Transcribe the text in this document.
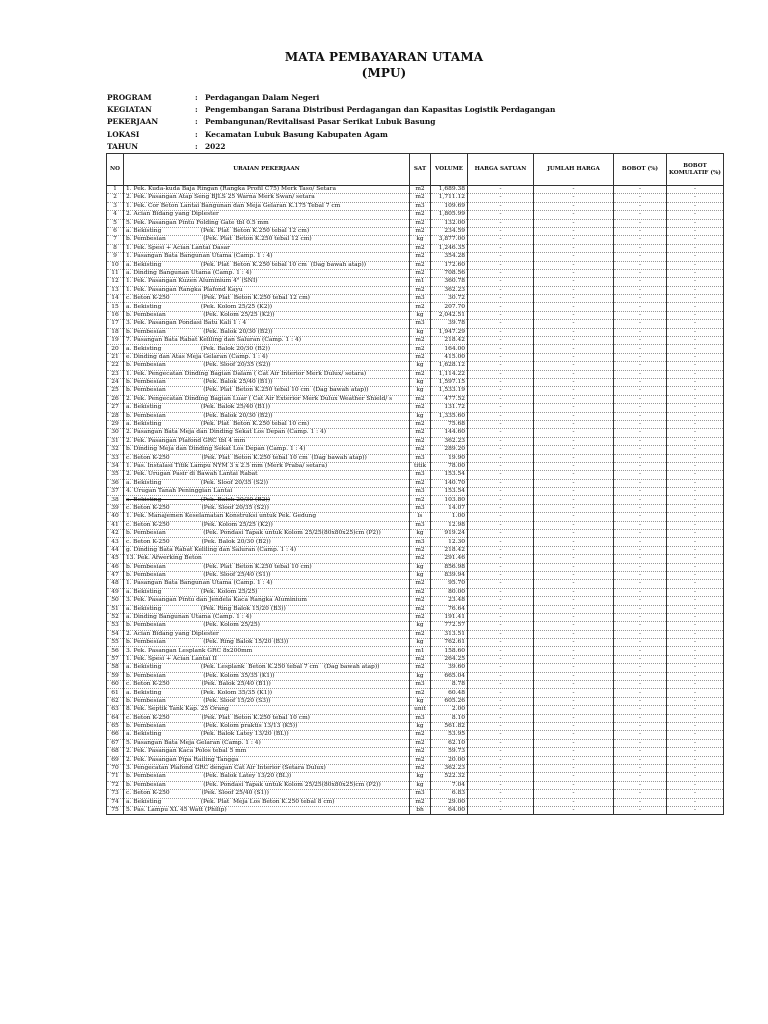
MATA PEMBAYARAN UTAMA
(MPU)
PROGRAM	: Perdagangan Dalam Negeri
KEGIATAN	: Pengembangan Sarana Distribusi Perdagangan dan Kapasitas Logistik Perdagangan
PEKERJAAN	: Pembangunan/Revitalisasi Pasar Serikat Lubuk Basung
LOKASI	: Kecamatan Lubuk Basung Kabupaten Agam
TAHUN	: 2022
NO	URAIAN PEKERJAAN	SAT	VOLUME	HARGA SATUAN	JUMLAH HARGA	BOBOT (%)	BOBOT KOMULATIF (%)
1	1. Pek. Kuda-kuda Baja Ringan (Rangka Profil C75) Merk Taso/ Setara	m2	1,689.38	-	-	-	-
2	2. Pek. Pasangan Atap Seng BJLS 25 Warna Merk Swan/ setara	m2	1,711.12	-	-	-	-
3	1. Pek. Cor Beton Lantai Bangunan dan Meja Gelaran K.175 Tebal 7 cm	m3	109.69	-	-	-	-
4	2. Acian Bidang yang Diplester	m2	1,805.99	-	-	-	-
5	5. Pek. Pasangan Pintu Folding Gate tbl 0.5 mm	m2	132.00	-	-	-	-
6	a. Bekisting                     (Pek. Plat  Beton K.250 tebal 12 cm)	m2	234.59	-	-	-	-
7	b. Pembesian                    (Pek. Plat  Beton K.250 tebal 12 cm)	kg	3,877.00	-	-	-	-
8	1. Pek. Spesi + Acian Lantai Dasar	m2	1,246.35	-	-	-	-
9	1. Pasangan Bata Bangunan Utama (Camp. 1 : 4)	m2	354.28	-	-	-	-
10	a. Bekisting                     (Pek. Plat  Beton K.250 tebal 10 cm  (Dag bawah atap))	m2	172.60	-	-	-	-
11	a. Dinding Bangunan Utama (Camp. 1 : 4)	m2	708.56	-	-	-	-
12	1. Pek. Pasangan Kuzen Aluminium 4" (SNI)	m1	360.78	-	-	-	-
13	1. Pek. Pasangan Rangka Plafond Kayu	m2	362.23	-	-	-	-
14	c. Beton K-250                 (Pek. Plat  Beton K.250 tebal 12 cm)	m3	30.72	-	-	-	-
15	a. Bekisting                     (Pek. Kolom 25/25 (K2))	m2	207.70	-	-	-	-
16	b. Pembesian                    (Pek. Kolom 25/25 (K2))	kg	2,042.51	-	-	-	-
17	3. Pek. Pasangan Pondasi Batu Kali 1 : 4	m3	39.78	-	-	-	-
18	b. Pembesian                    (Pek. Balok 20/30 (B2))	kg	1,947.29	-	-	-	-
19	7. Pasangan Bata Rabat Keliling dan Saluran (Camp. 1 : 4)	m2	218.42	-	-	-	-
20	a. Bekisting                     (Pek. Balok 20/30 (B2))	m2	164.00	-	-	-	-
21	e. Dinding dan Atas Meja Gelaran (Camp. 1 : 4)	m2	415.00	-	-	-	-
22	b. Pembesian                    (Pek. Sloof 20/35 (S2))	kg	1,628.12	-	-	-	-
23	1. Pek. Pengecatan Dinding Bagian Dalam ( Cat Air Interior Merk Dulux/ setara)	m2	1,114.22	-	-	-	-
24	b. Pembesian                    (Pek. Balok 25/40 (B1))	kg	1,597.15	-	-	-	-
25	b. Pembesian                    (Pek. Plat  Beton K.250 tebal 10 cm  (Dag bawah atap))	kg	1,533.19	-	-	-	-
26	2. Pek. Pengecatan Dinding Bagian Luar ( Cat Air Exterior Merk Dulux Weather Shield/ s	m2	477.52	-	-	-	-
27	a. Bekisting                     (Pek. Balok 25/40 (B1))	m2	131.72	-	-	-	-
28	b. Pembesian                    (Pek. Balok 20/30 (B2))	kg	1,335.60	-	-	-	-
29	a. Bekisting                     (Pek. Plat  Beton K.250 tebal 10 cm)	m2	75.68	-	-	-	-
30	2. Pasangan Bata Meja dan Dinding Sekat Los Depan (Camp. 1 : 4)	m2	144.60	-	-	-	-
31	2. Pek. Pasangan Plafond GRC tbl 4 mm	m2	362.23	-	-	-	-
32	b. Dinding Meja dan Dinding Sekat Los Depan (Camp. 1 : 4)	m2	289.20	-	-	-	-
33	c. Beton K-250                 (Pek. Plat  Beton K.250 tebal 10 cm  (Dag bawah atap))	m3	19.90	-	-	-	-
34	1. Pas. Instalasi Titik Lampu NYM 3 x 2.5 mm (Merk Praba/ setara)	titik	78.00	-	-	-	-
35	2. Pek. Urugan Pasir di Bawah Lantai Rabat	m3	153.54	-	-	-	-
36	a. Bekisting                     (Pek. Sloof 20/35 (S2))	m2	140.70	-	-	-	-
37	4. Urugan Tanah Peninggian Lantai	m3	153.54	-	-	-	-
38	a. Bekisting                     (Pek. Balok 20/30 (B2))	m2	103.80	-	-	-	-
39	c. Beton K-250                 (Pek. Sloof 20/35 (S2))	m3	14.07	-	-	-	-
40	1. Pek. Manajemen Keselamatan Konstruksi untuk Pek. Gedung	ls	1.00	-	-	-	-
41	c. Beton K-250                 (Pek. Kolom 25/25 (K2))	m3	12.98	-	-	-	-
42	b. Pembesian                    (Pek. Pondasi Tapak untuk Kolom 25/25(80x80x25)cm (P2))	kg	919.24	-	-	-	-
43	c. Beton K-250                 (Pek. Balok 20/30 (B2))	m3	12.30	-	-	-	-
44	g. Dinding Bata Rabat Keliling dan Saluran (Camp. 1 : 4)	m2	218.42	-	-	-	-
45	13. Pek. Afwerking Beton	m2	291.46	-	-	-	-
46	b. Pembesian                    (Pek. Plat  Beton K.250 tebal 10 cm)	kg	856.98	-	-	-	-
47	b. Pembesian                    (Pek. Sloof 25/40 (S1))	kg	839.94	-	-	-	-
48	1. Pasangan Bata Bangunan Utama (Camp. 1 : 4)	m2	95.70	-	-	-	-
49	a. Bekisting                     (Pek. Kolom 25/25)	m2	80.00	-	-	-	-
50	3. Pek. Pasangan Pintu dan Jendela Kaca Rangka Aluminium	m2	23.48	-	-	-	-
51	a. Bekisting                     (Pek. Ring Balok 15/20 (B3))	m2	76.64	-	-	-	-
52	a. Dinding Bangunan Utama (Camp. 1 : 4)	m2	191.41	-	-	-	-
53	b. Pembesian                    (Pek. Kolom 25/25)	kg	772.57	-	-	-	-
54	2. Acian Bidang yang Diplester	m2	313.51	-	-	-	-
55	b. Pembesian                    (Pek. Ring Balok 15/20 (B3))	kg	762.61	-	-	-	-
56	3. Pek. Pasangan Lesplank GRC 8x200mm	m1	158.60	-	-	-	-
57	1. Pek. Spesi + Acian Lantai II	m2	264.25	-	-	-	-
58	a. Bekisting                     (Pek. Lesplank  Beton K.250 tebal 7 cm   (Dag bawah atap))	m2	39.60	-	-	-	-
59	b. Pembesian                    (Pek. Kolom 35/35 (K1))	kg	665.04	-	-	-	-
60	c. Beton K-250                 (Pek. Balok 25/40 (B1))	m3	8.78	-	-	-	-
61	a. Bekisting                     (Pek. Kolom 35/35 (K1))	m2	60.48	-	-	-	-
62	b. Pembesian                    (Pek. Sloof 15/20 (S3))	kg	605.26	-	-	-	-
63	8. Pek. Septik Tank Kap. 25 Orang	unit	2.00	-	-	-	-
64	c. Beton K-250                 (Pek. Plat  Beton K.250 tebal 10 cm)	m3	8.10	-	-	-	-
65	b. Pembesian                    (Pek. Kolom praktis 13/13 (K5))	kg	561.82	-	-	-	-
66	a. Bekisting                     (Pek. Balok Latey 13/20 (BL))	m2	53.95	-	-	-	-
67	5. Pasangan Bata Meja Gelaran (Camp. 1 : 4)	m2	62.10	-	-	-	-
68	2. Pek. Pasangan Kaca Polos tebal 5 mm	m2	59.73	-	-	-	-
69	2. Pek. Pasangan Pipa Railing Tangga	m2	20.00	-	-	-	-
70	3. Pengecatan Plafond GRC dengan Cat Air Interior (Setara Dulux)	m2	362.23	-	-	-	-
71	b. Pembesian                    (Pek. Balok Latey 13/20 (BL))	kg	522.32	-	-	-	-
72	b. Pembesian                    (Pek. Pondasi Tapak untuk Kolom 25/25(80x80x25)cm (P2))	kg	7.04	-	-	-	-
73	c. Beton K-250                 (Pek. Sloof 25/40 (S1))	m3	6.83	-	-	-	-
74	a. Bekisting                     (Pek. Plat  Meja Los Beton K.250 tebal 8 cm)	m2	29.00	-	-	-	-
75	5. Pas. Lampu XL 45 Watt (Philip)	bh	64.00	-	-	-	-
